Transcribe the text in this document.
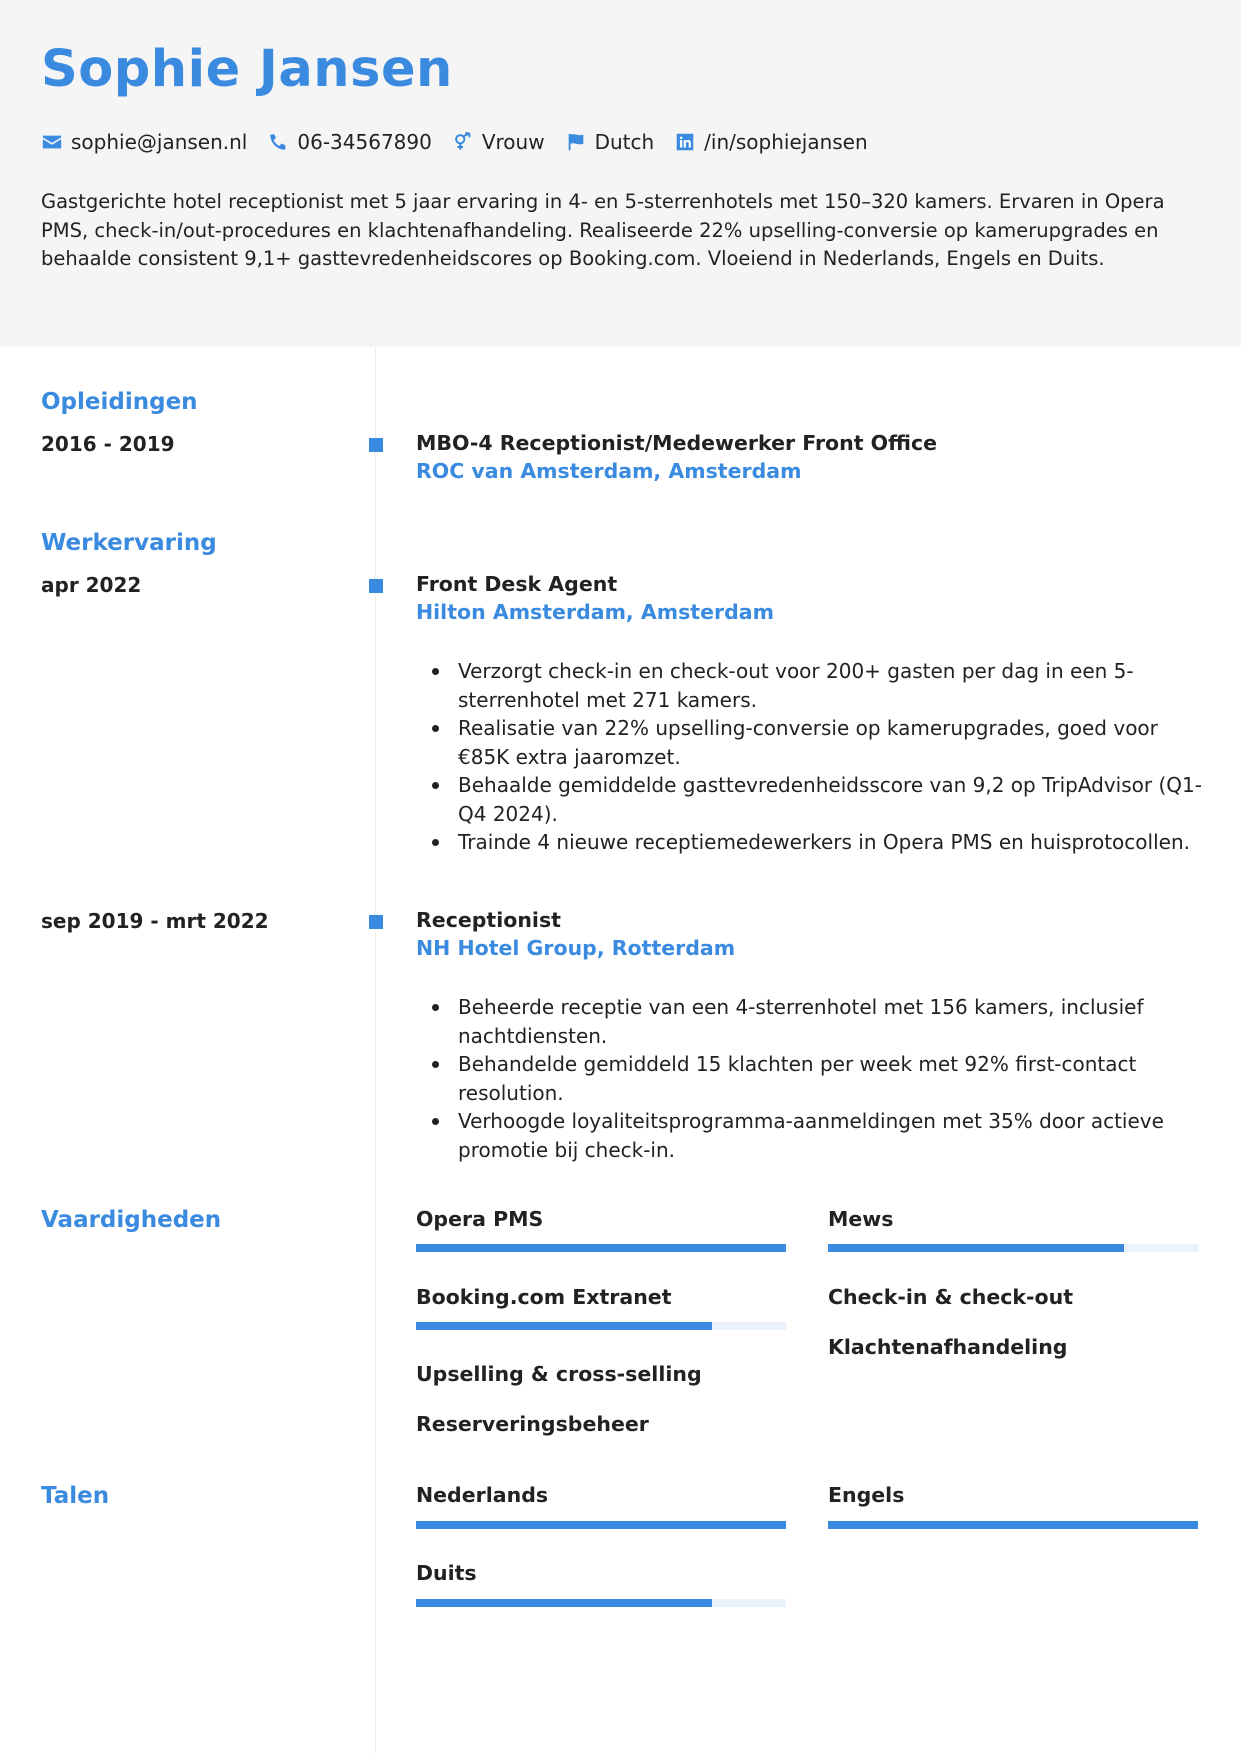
Sophie Jansen
sophie@jansen.nl	06-34567890	Vrouw	Dutch	/in/sophiejansen
Gastgerichte hotel receptionist met 5 jaar ervaring in 4- en 5-sterrenhotels met 150–320 kamers. Ervaren in Opera PMS, check-in/out-procedures en klachtenafhandeling. Realiseerde 22% upselling-conversie op kamerupgrades en behaalde consistent 9,1+ gasttevredenheidscores op Booking.com. Vloeiend in Nederlands, Engels en Duits.
Opleidingen
2016 - 2019	MBO-4 Receptionist/Medewerker Front Office
ROC van Amsterdam, Amsterdam
Werkervaring
apr 2022	Front Desk Agent
Hilton Amsterdam, Amsterdam
Verzorgt check-in en check-out voor 200+ gasten per dag in een 5-sterrenhotel met 271 kamers.
Realisatie van 22% upselling-conversie op kamerupgrades, goed voor €85K extra jaaromzet.
Behaalde gemiddelde gasttevredenheidsscore van 9,2 op TripAdvisor (Q1-Q4 2024).
Trainde 4 nieuwe receptiemedewerkers in Opera PMS en huisprotocollen.
sep 2019 - mrt 2022	Receptionist
NH Hotel Group, Rotterdam
Beheerde receptie van een 4-sterrenhotel met 156 kamers, inclusief nachtdiensten.
Behandelde gemiddeld 15 klachten per week met 92% first-contact resolution.
Verhoogde loyaliteitsprogramma-aanmeldingen met 35% door actieve promotie bij check-in.
Vaardigheden	Opera PMS	Mews
Booking.com Extranet	Check-in & check-out
Upselling & cross-selling
Klachtenafhandeling
Reserveringsbeheer
Talen	Nederlands	Engels
Duits
